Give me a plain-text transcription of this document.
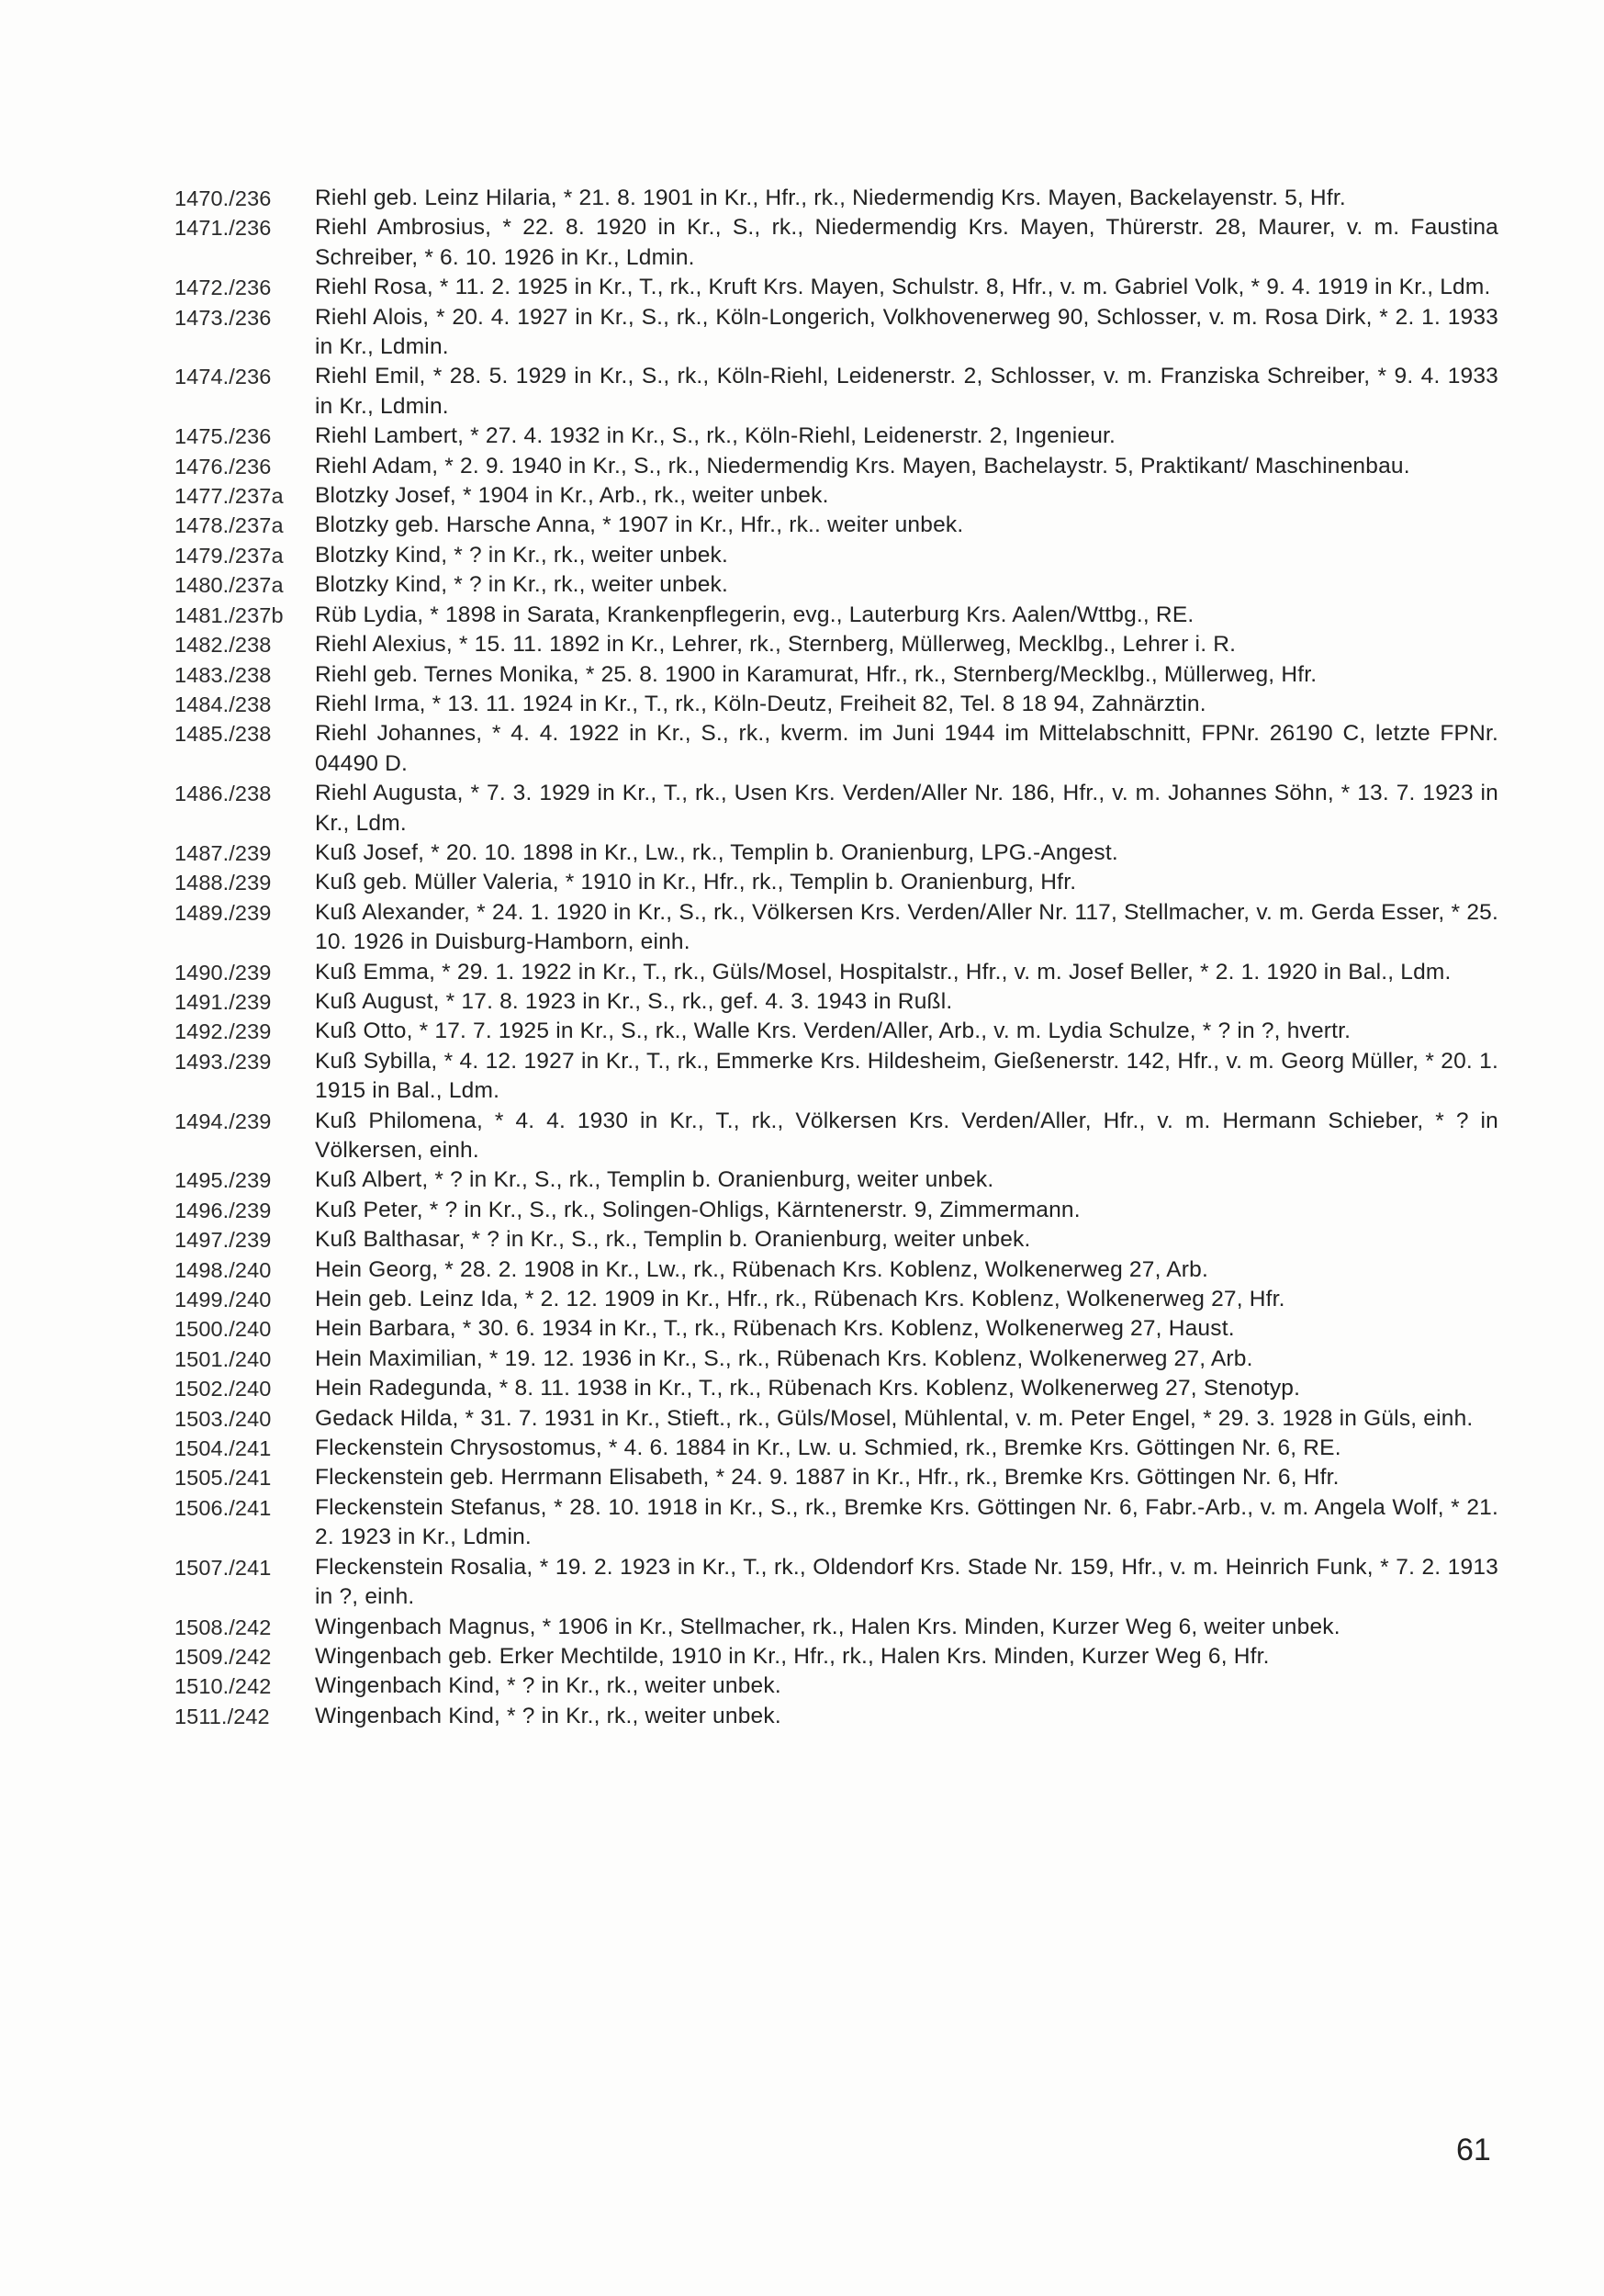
1470./236	Riehl geb. Leinz Hilaria, * 21. 8. 1901 in Kr., Hfr., rk., Niedermendig Krs. Mayen, Backelayenstr. 5, Hfr.
1471./236	Riehl Ambrosius, * 22. 8. 1920 in Kr., S., rk., Niedermendig Krs. Mayen, Thürerstr. 28, Maurer, v. m. Faustina Schreiber, * 6. 10. 1926 in Kr., Ldmin.
1472./236	Riehl Rosa, * 11. 2. 1925 in Kr., T., rk., Kruft Krs. Mayen, Schulstr. 8, Hfr., v. m. Gabriel Volk, * 9. 4. 1919 in Kr., Ldm.
1473./236	Riehl Alois, * 20. 4. 1927 in Kr., S., rk., Köln-Longerich, Volkhovenerweg 90, Schlosser, v. m. Rosa Dirk, * 2. 1. 1933 in Kr., Ldmin.
1474./236	Riehl Emil, * 28. 5. 1929 in Kr., S., rk., Köln-Riehl, Leidenerstr. 2, Schlosser, v. m. Franziska Schreiber, * 9. 4. 1933 in Kr., Ldmin.
1475./236	Riehl Lambert, * 27. 4. 1932 in Kr., S., rk., Köln-Riehl, Leidenerstr. 2, Ingenieur.
1476./236	Riehl Adam, * 2. 9. 1940 in Kr., S., rk., Niedermendig Krs. Mayen, Bachelaystr. 5, Praktikant/ Maschinenbau.
1477./237a	Blotzky Josef, * 1904 in Kr., Arb., rk., weiter unbek.
1478./237a	Blotzky geb. Harsche Anna, * 1907 in Kr., Hfr., rk.. weiter unbek.
1479./237a	Blotzky Kind, * ? in Kr., rk., weiter unbek.
1480./237a	Blotzky Kind, * ? in Kr., rk., weiter unbek.
1481./237b	Rüb Lydia, * 1898 in Sarata, Krankenpflegerin, evg., Lauterburg Krs. Aalen/Wttbg., RE.
1482./238	Riehl Alexius, * 15. 11. 1892 in Kr., Lehrer, rk., Sternberg, Müllerweg, Mecklbg., Lehrer i. R.
1483./238	Riehl geb. Ternes Monika, * 25. 8. 1900 in Karamurat, Hfr., rk., Sternberg/Mecklbg., Müllerweg, Hfr.
1484./238	Riehl Irma, * 13. 11. 1924 in Kr., T., rk., Köln-Deutz, Freiheit 82, Tel. 8 18 94, Zahnärztin.
1485./238	Riehl Johannes, * 4. 4. 1922 in Kr., S., rk., kverm. im Juni 1944 im Mittelabschnitt, FPNr. 26190 C, letzte FPNr. 04490 D.
1486./238	Riehl Augusta, * 7. 3. 1929 in Kr., T., rk., Usen Krs. Verden/Aller Nr. 186, Hfr., v. m. Johannes Söhn, * 13. 7. 1923 in Kr., Ldm.
1487./239	Kuß Josef, * 20. 10. 1898 in Kr., Lw., rk., Templin b. Oranienburg, LPG.-Angest.
1488./239	Kuß geb. Müller Valeria, * 1910 in Kr., Hfr., rk., Templin b. Oranienburg, Hfr.
1489./239	Kuß Alexander, * 24. 1. 1920 in Kr., S., rk., Völkersen Krs. Verden/Aller Nr. 117, Stellmacher, v. m. Gerda Esser, * 25. 10. 1926 in Duisburg-Hamborn, einh.
1490./239	Kuß Emma, * 29. 1. 1922 in Kr., T., rk., Güls/Mosel, Hospitalstr., Hfr., v. m. Josef Beller, * 2. 1. 1920 in Bal., Ldm.
1491./239	Kuß August, * 17. 8. 1923 in Kr., S., rk., gef. 4. 3. 1943 in Rußl.
1492./239	Kuß Otto, * 17. 7. 1925 in Kr., S., rk., Walle Krs. Verden/Aller, Arb., v. m. Lydia Schulze, * ? in ?, hvertr.
1493./239	Kuß Sybilla, * 4. 12. 1927 in Kr., T., rk., Emmerke Krs. Hildesheim, Gießenerstr. 142, Hfr., v. m. Georg Müller, * 20. 1. 1915 in Bal., Ldm.
1494./239	Kuß Philomena, * 4. 4. 1930 in Kr., T., rk., Völkersen Krs. Verden/Aller, Hfr., v. m. Hermann Schieber, * ? in Völkersen, einh.
1495./239	Kuß Albert, * ? in Kr., S., rk., Templin b. Oranienburg, weiter unbek.
1496./239	Kuß Peter, * ? in Kr., S., rk., Solingen-Ohligs, Kärntenerstr. 9, Zimmermann.
1497./239	Kuß Balthasar, * ? in Kr., S., rk., Templin b. Oranienburg, weiter unbek.
1498./240	Hein Georg, * 28. 2. 1908 in Kr., Lw., rk., Rübenach Krs. Koblenz, Wolkenerweg 27, Arb.
1499./240	Hein geb. Leinz Ida, * 2. 12. 1909 in Kr., Hfr., rk., Rübenach Krs. Koblenz, Wolkenerweg 27, Hfr.
1500./240	Hein Barbara, * 30. 6. 1934 in Kr., T., rk., Rübenach Krs. Koblenz, Wolkenerweg 27, Haust.
1501./240	Hein Maximilian, * 19. 12. 1936 in Kr., S., rk., Rübenach Krs. Koblenz, Wolkenerweg 27, Arb.
1502./240	Hein Radegunda, * 8. 11. 1938 in Kr., T., rk., Rübenach Krs. Koblenz, Wolkenerweg 27, Stenotyp.
1503./240	Gedack Hilda, * 31. 7. 1931 in Kr., Stieft., rk., Güls/Mosel, Mühlental, v. m. Peter Engel, * 29. 3. 1928 in Güls, einh.
1504./241	Fleckenstein Chrysostomus, * 4. 6. 1884 in Kr., Lw. u. Schmied, rk., Bremke Krs. Göttingen Nr. 6, RE.
1505./241	Fleckenstein geb. Herrmann Elisabeth, * 24. 9. 1887 in Kr., Hfr., rk., Bremke Krs. Göttingen Nr. 6, Hfr.
1506./241	Fleckenstein Stefanus, * 28. 10. 1918 in Kr., S., rk., Bremke Krs. Göttingen Nr. 6, Fabr.-Arb., v. m. Angela Wolf, * 21. 2. 1923 in Kr., Ldmin.
1507./241	Fleckenstein Rosalia, * 19. 2. 1923 in Kr., T., rk., Oldendorf Krs. Stade Nr. 159, Hfr., v. m. Heinrich Funk, * 7. 2. 1913 in ?, einh.
1508./242	Wingenbach Magnus, * 1906 in Kr., Stellmacher, rk., Halen Krs. Minden, Kurzer Weg 6, weiter unbek.
1509./242	Wingenbach geb. Erker Mechtilde, 1910 in Kr., Hfr., rk., Halen Krs. Minden, Kurzer Weg 6, Hfr.
1510./242	Wingenbach Kind, * ? in Kr., rk., weiter unbek.
1511./242	Wingenbach Kind, * ? in Kr., rk., weiter unbek.
61
